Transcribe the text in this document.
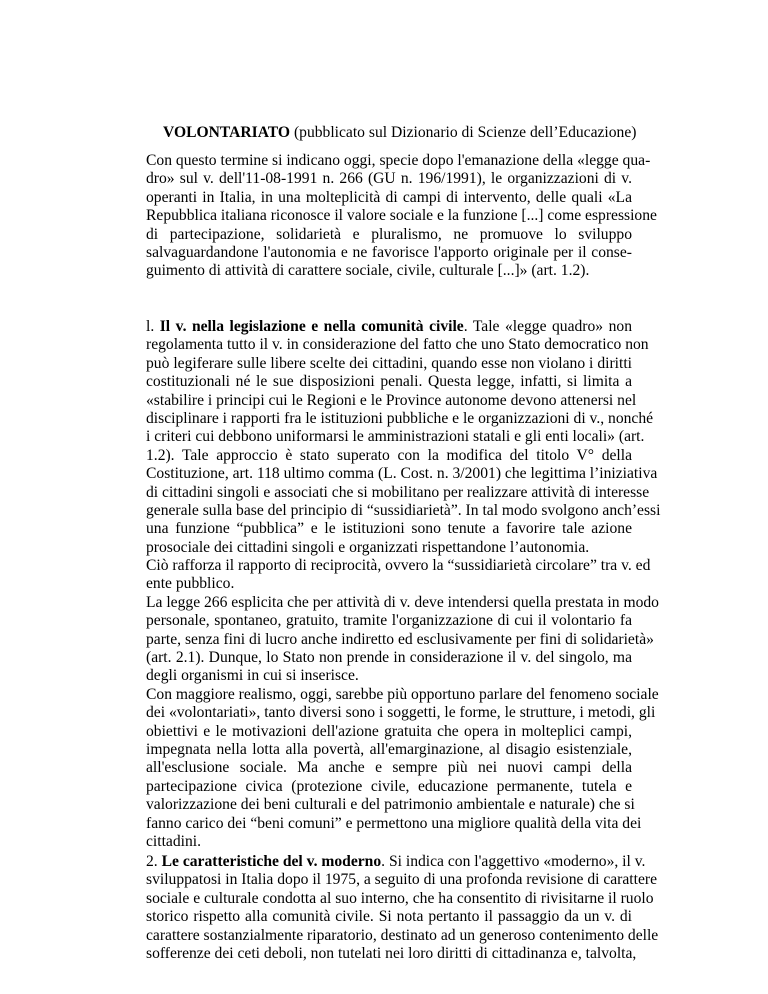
VOLONTARIATO (pubblicato sul Dizionario di Scienze dell’Educazione)
Con questo termine si indicano oggi, specie dopo l'emanazione della «legge qua-
dro» sul v. dell'11-08-1991 n. 266 (GU n. 196/1991), le organizzazioni di v.
operanti in Italia, in una molteplicità di campi di intervento, delle quali «La
Repubblica italiana riconosce il valore sociale e la funzione [...] come espressione
di partecipazione, solidarietà e pluralismo, ne promuove lo sviluppo
salvaguardandone l'autonomia e ne favorisce l'apporto originale per il conse-
guimento di attività di carattere sociale, civile, culturale [...]» (art. 1.2).
l. Il v. nella legislazione e nella comunità civile. Tale «legge quadro» non
regolamenta tutto il v. in considerazione del fatto che uno Stato democratico non
può legiferare sulle libere scelte dei cittadini, quando esse non violano i diritti
costituzionali né le sue disposizioni penali. Questa legge, infatti, si limita a
«stabilire i principi cui le Regioni e le Province autonome devono attenersi nel
disciplinare i rapporti fra le istituzioni pubbliche e le organizzazioni di v., nonché
i criteri cui debbono uniformarsi le amministrazioni statali e gli enti locali» (art.
1.2). Tale approccio è stato superato con la modifica del titolo V° della
Costituzione, art. 118 ultimo comma (L. Cost. n. 3/2001) che legittima l’iniziativa
di cittadini singoli e associati che si mobilitano per realizzare attività di interesse
generale sulla base del principio di “sussidiarietà”. In tal modo svolgono anch’essi
una funzione “pubblica” e le istituzioni sono tenute a favorire tale azione
prosociale dei cittadini singoli e organizzati rispettandone l’autonomia.
Ciò rafforza il rapporto di reciprocità, ovvero la “sussidiarietà circolare” tra v. ed
ente pubblico.
La legge 266 esplicita che per attività di v. deve intendersi quella prestata in modo
personale, spontaneo, gratuito, tramite l'organizzazione di cui il volontario fa
parte, senza fini di lucro anche indiretto ed esclusivamente per fini di solidarietà»
(art. 2.1). Dunque, lo Stato non prende in considerazione il v. del singolo, ma
degli organismi in cui si inserisce.
Con maggiore realismo, oggi, sarebbe più opportuno parlare del fenomeno sociale
dei «volontariati», tanto diversi sono i soggetti, le forme, le strutture, i metodi, gli
obiettivi e le motivazioni dell'azione gratuita che opera in molteplici campi,
impegnata nella lotta alla povertà, all'emarginazione, al disagio esistenziale,
all'esclusione sociale. Ma anche e sempre più nei nuovi campi della
partecipazione civica (protezione civile, educazione permanente, tutela e
valorizzazione dei beni culturali e del patrimonio ambientale e naturale) che si
fanno carico dei “beni comuni” e permettono una migliore qualità della vita dei
cittadini.
2. Le caratteristiche del v. moderno. Si indica con l'aggettivo «moderno», il v.
sviluppatosi in Italia dopo il 1975, a seguito di una profonda revisione di carattere
sociale e culturale condotta al suo interno, che ha consentito di rivisitarne il ruolo
storico rispetto alla comunità civile. Si nota pertanto il passaggio da un v. di
carattere sostanzialmente riparatorio, destinato ad un generoso contenimento delle
sofferenze dei ceti deboli, non tutelati nei loro diritti di cittadinanza e, talvolta,
